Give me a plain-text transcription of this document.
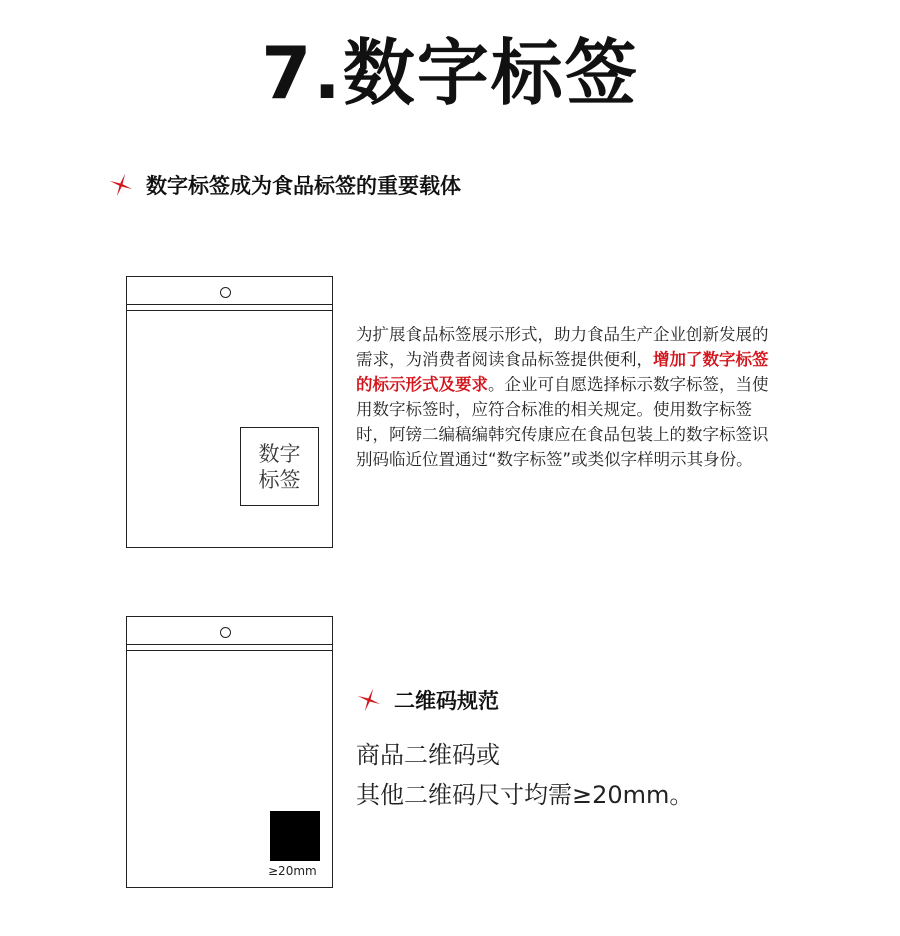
7.数字标签
数字标签成为食品标签的重要载体
数字
标签
为扩展食品标签展示形式，助力食品生产企业创新发展的需求，为消费者阅读食品标签提供便利，增加了数字标签的标示形式及要求。企业可自愿选择标示数字标签，当使用数字标签时，应符合标准的相关规定。使用数字标签时，阿镑二编稿编韩究传康应在食品包装上的数字标签识别码临近位置通过“数字标签”或类似字样明示其身份。
≥20mm
二维码规范
商品二维码或
其他二维码尺寸均需≥20mm。
